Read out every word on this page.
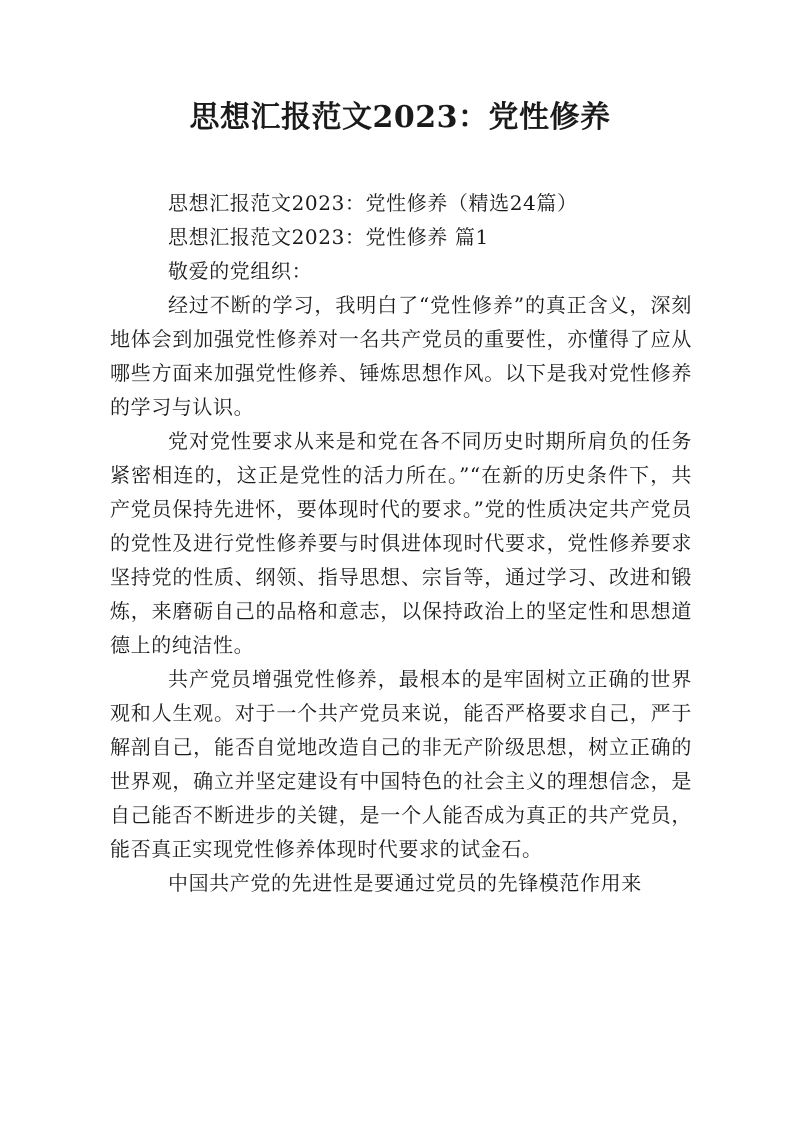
思想汇报范文2023：党性修养

思想汇报范文2023：党性修养（精选24篇）

思想汇报范文2023：党性修养 篇1

敬爱的党组织：

经过不断的学习，我明白了“党性修养”的真正含义，深刻地体会到加强党性修养对一名共产党员的重要性，亦懂得了应从哪些方面来加强党性修养、锤炼思想作风。以下是我对党性修养的学习与认识。

党对党性要求从来是和党在各不同历史时期所肩负的任务紧密相连的，这正是党性的活力所在。”“在新的历史条件下，共产党员保持先进怀，要体现时代的要求。”党的性质决定共产党员的党性及进行党性修养要与时俱进体现时代要求，党性修养要求坚持党的性质、纲领、指导思想、宗旨等，通过学习、改进和锻炼，来磨砺自己的品格和意志，以保持政治上的坚定性和思想道德上的纯洁性。

共产党员增强党性修养，最根本的是牢固树立正确的世界观和人生观。对于一个共产党员来说，能否严格要求自己，严于解剖自己，能否自觉地改造自己的非无产阶级思想，树立正确的世界观，确立并坚定建设有中国特色的社会主义的理想信念，是自己能否不断进步的关键，是一个人能否成为真正的共产党员，能否真正实现党性修养体现时代要求的试金石。

中国共产党的先进性是要通过党员的先锋模范作用来
